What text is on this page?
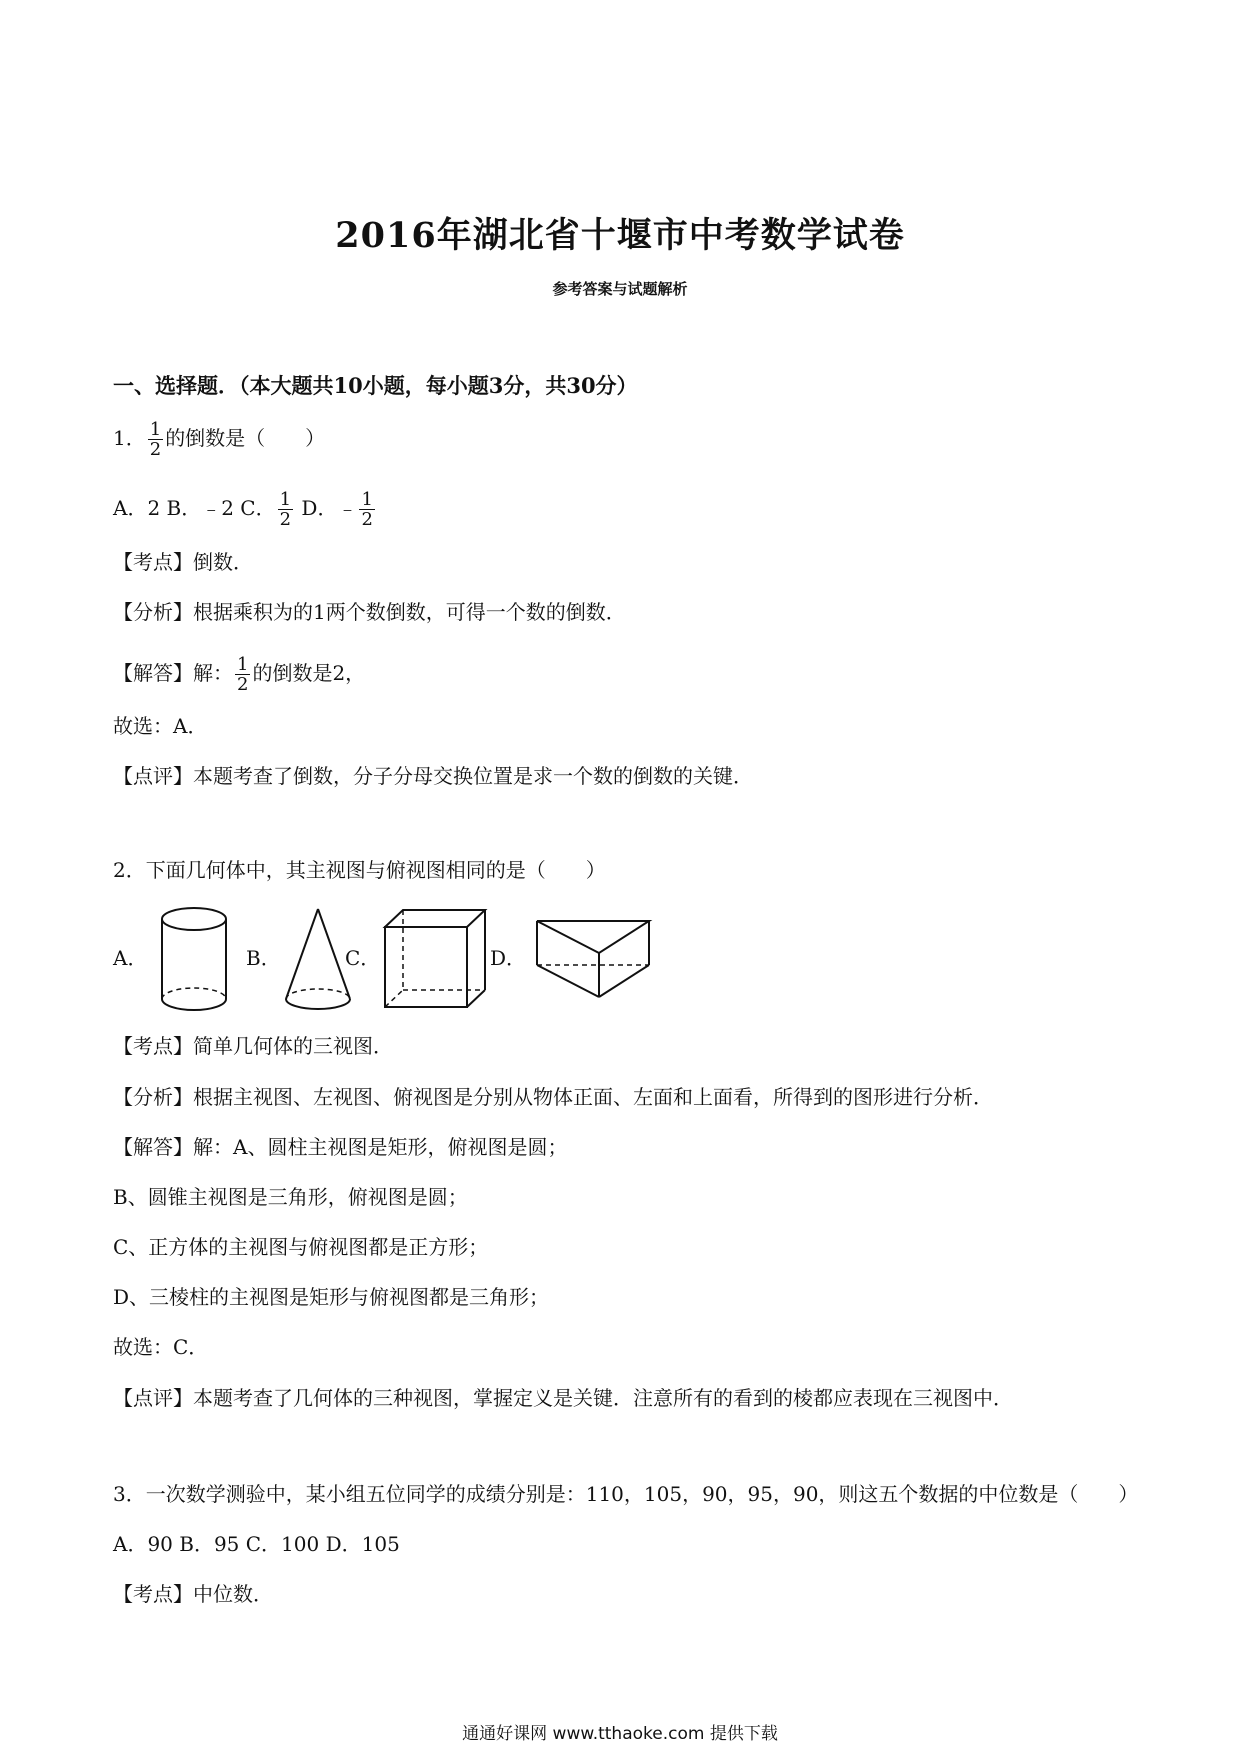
2016年湖北省十堰市中考数学试卷
参考答案与试题解析
一、选择题．（本大题共10小题，每小题3分，共30分）
1． $\frac{1}{2}$ 的倒数是（　　）
A．2 B．﹣2 C． $\frac{1}{2}$ D．﹣ $\frac{1}{2}$
【考点】倒数．
【分析】根据乘积为的1两个数倒数，可得一个数的倒数．
【解答】解： $\frac{1}{2}$ 的倒数是2，
故选：A．
【点评】本题考查了倒数，分子分母交换位置是求一个数的倒数的关键．
2．下面几何体中，其主视图与俯视图相同的是（　　）
A．	B．	C．	D．
【考点】简单几何体的三视图．
【分析】根据主视图、左视图、俯视图是分别从物体正面、左面和上面看，所得到的图形进行分析．
【解答】解：A、圆柱主视图是矩形，俯视图是圆；
B、圆锥主视图是三角形，俯视图是圆；
C、正方体的主视图与俯视图都是正方形；
D、三棱柱的主视图是矩形与俯视图都是三角形；
故选：C．
【点评】本题考查了几何体的三种视图，掌握定义是关键．注意所有的看到的棱都应表现在三视图中．
3．一次数学测验中，某小组五位同学的成绩分别是：110，105，90，95，90，则这五个数据的中位数是（　　）
A．90 B．95 C．100 D．105
【考点】中位数．
通通好课网 www.tthaoke.com 提供下载
